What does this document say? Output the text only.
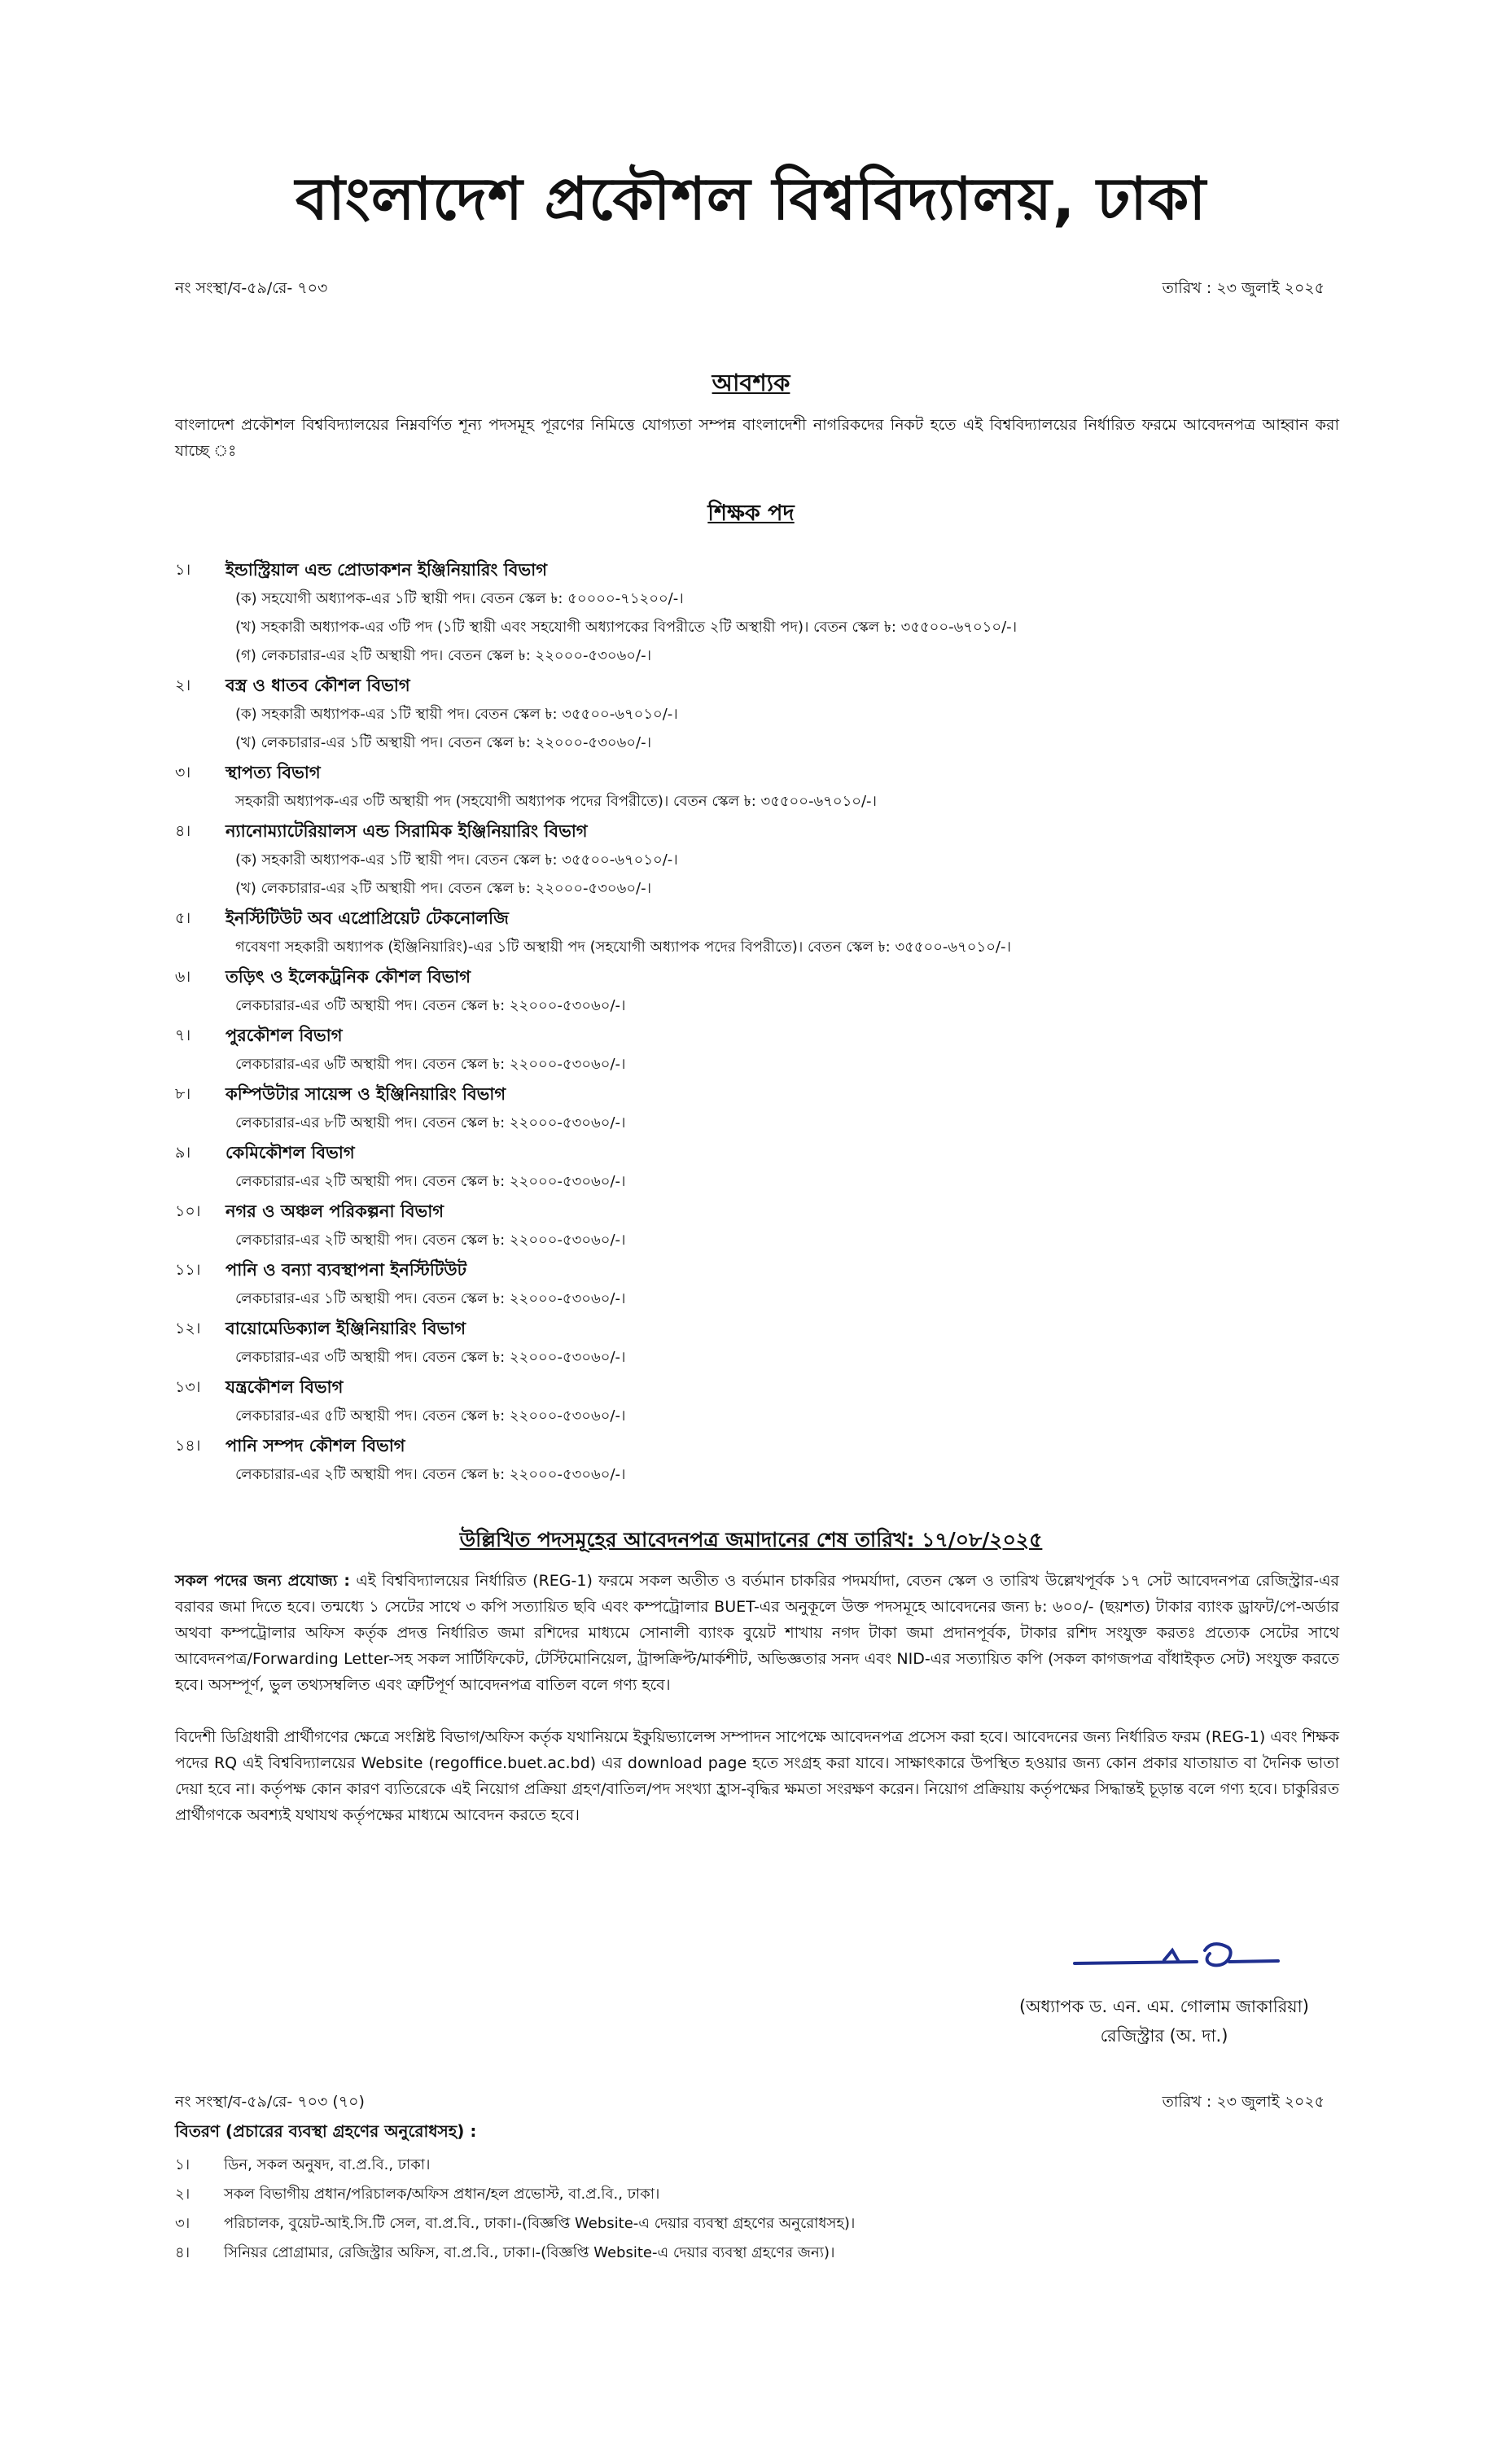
বাংলাদেশ প্রকৌশল বিশ্ববিদ্যালয়, ঢাকা
নং সংস্থা/ব-৫৯/রে- ৭০৩	তারিখ : ২৩ জুলাই ২০২৫
আবশ্যক
বাংলাদেশ প্রকৌশল বিশ্ববিদ্যালয়ের নিম্নবর্ণিত শূন্য পদসমূহ পূরণের নিমিত্তে যোগ্যতা সম্পন্ন বাংলাদেশী নাগরিকদের নিকট হতে এই বিশ্ববিদ্যালয়ের নির্ধারিত ফরমে আবেদনপত্র আহ্বান করা যাচ্ছে ঃ
শিক্ষক পদ
১।	ইন্ডাস্ট্রিয়াল এন্ড প্রোডাকশন ইঞ্জিনিয়ারিং বিভাগ
(ক) সহযোগী অধ্যাপক-এর ১টি স্থায়ী পদ। বেতন স্কেল ৳: ৫০০০০-৭১২০০/-।
(খ) সহকারী অধ্যাপক-এর ৩টি পদ (১টি স্থায়ী এবং সহযোগী অধ্যাপকের বিপরীতে ২টি অস্থায়ী পদ)। বেতন স্কেল ৳: ৩৫৫০০-৬৭০১০/-।
(গ) লেকচারার-এর ২টি অস্থায়ী পদ। বেতন স্কেল ৳: ২২০০০-৫৩০৬০/-।
২।	বস্ত্র ও ধাতব কৌশল বিভাগ
(ক) সহকারী অধ্যাপক-এর ১টি স্থায়ী পদ। বেতন স্কেল ৳: ৩৫৫০০-৬৭০১০/-।
(খ) লেকচারার-এর ১টি অস্থায়ী পদ। বেতন স্কেল ৳: ২২০০০-৫৩০৬০/-।
৩।	স্থাপত্য বিভাগ
সহকারী অধ্যাপক-এর ৩টি অস্থায়ী পদ (সহযোগী অধ্যাপক পদের বিপরীতে)। বেতন স্কেল ৳: ৩৫৫০০-৬৭০১০/-।
৪।	ন্যানোম্যাটেরিয়ালস এন্ড সিরামিক ইঞ্জিনিয়ারিং বিভাগ
(ক) সহকারী অধ্যাপক-এর ১টি স্থায়ী পদ। বেতন স্কেল ৳: ৩৫৫০০-৬৭০১০/-।
(খ) লেকচারার-এর ২টি অস্থায়ী পদ। বেতন স্কেল ৳: ২২০০০-৫৩০৬০/-।
৫।	ইনস্টিটিউট অব এপ্রোপ্রিয়েট টেকনোলজি
গবেষণা সহকারী অধ্যাপক (ইঞ্জিনিয়ারিং)-এর ১টি অস্থায়ী পদ (সহযোগী অধ্যাপক পদের বিপরীতে)। বেতন স্কেল ৳: ৩৫৫০০-৬৭০১০/-।
৬।	তড়িৎ ও ইলেকট্রনিক কৌশল বিভাগ
লেকচারার-এর ৩টি অস্থায়ী পদ। বেতন স্কেল ৳: ২২০০০-৫৩০৬০/-।
৭।	পুরকৌশল বিভাগ
লেকচারার-এর ৬টি অস্থায়ী পদ। বেতন স্কেল ৳: ২২০০০-৫৩০৬০/-।
৮।	কম্পিউটার সায়েন্স ও ইঞ্জিনিয়ারিং বিভাগ
লেকচারার-এর ৮টি অস্থায়ী পদ। বেতন স্কেল ৳: ২২০০০-৫৩০৬০/-।
৯।	কেমিকৌশল বিভাগ
লেকচারার-এর ২টি অস্থায়ী পদ। বেতন স্কেল ৳: ২২০০০-৫৩০৬০/-।
১০।	নগর ও অঞ্চল পরিকল্পনা বিভাগ
লেকচারার-এর ২টি অস্থায়ী পদ। বেতন স্কেল ৳: ২২০০০-৫৩০৬০/-।
১১।	পানি ও বন্যা ব্যবস্থাপনা ইনস্টিটিউট
লেকচারার-এর ১টি অস্থায়ী পদ। বেতন স্কেল ৳: ২২০০০-৫৩০৬০/-।
১২।	বায়োমেডিক্যাল ইঞ্জিনিয়ারিং বিভাগ
লেকচারার-এর ৩টি অস্থায়ী পদ। বেতন স্কেল ৳: ২২০০০-৫৩০৬০/-।
১৩।	যন্ত্রকৌশল বিভাগ
লেকচারার-এর ৫টি অস্থায়ী পদ। বেতন স্কেল ৳: ২২০০০-৫৩০৬০/-।
১৪।	পানি সম্পদ কৌশল বিভাগ
লেকচারার-এর ২টি অস্থায়ী পদ। বেতন স্কেল ৳: ২২০০০-৫৩০৬০/-।
উল্লিখিত পদসমূহের আবেদনপত্র জমাদানের শেষ তারিখ: ১৭/০৮/২০২৫
সকল পদের জন্য প্রযোজ্য : এই বিশ্ববিদ্যালয়ের নির্ধারিত (REG-1) ফরমে সকল অতীত ও বর্তমান চাকরির পদমর্যাদা, বেতন স্কেল ও তারিখ উল্লেখপূর্বক ১৭ সেট আবেদনপত্র রেজিস্ট্রার-এর বরাবর জমা দিতে হবে। তন্মধ্যে ১ সেটের সাথে ৩ কপি সত্যায়িত ছবি এবং কম্পট্রোলার BUET-এর অনুকূলে উক্ত পদসমূহে আবেদনের জন্য ৳: ৬০০/- (ছয়শত) টাকার ব্যাংক ড্রাফট/পে-অর্ডার অথবা কম্পট্রোলার অফিস কর্তৃক প্রদত্ত নির্ধারিত জমা রশিদের মাধ্যমে সোনালী ব্যাংক বুয়েট শাখায় নগদ টাকা জমা প্রদানপূর্বক, টাকার রশিদ সংযুক্ত করতঃ প্রত্যেক সেটের সাথে আবেদনপত্র/Forwarding Letter-সহ সকল সার্টিফিকেট, টেস্টিমোনিয়েল, ট্রান্সক্রিপ্ট/মার্কশীট, অভিজ্ঞতার সনদ এবং NID-এর সত্যায়িত কপি (সকল কাগজপত্র বাঁধাইকৃত সেট) সংযুক্ত করতে হবে। অসম্পূর্ণ, ভুল তথ্যসম্বলিত এবং ত্রুটিপূর্ণ আবেদনপত্র বাতিল বলে গণ্য হবে।
বিদেশী ডিগ্রিধারী প্রার্থীগণের ক্ষেত্রে সংশ্লিষ্ট বিভাগ/অফিস কর্তৃক যথানিয়মে ইকুয়িভ্যালেন্স সম্পাদন সাপেক্ষে আবেদনপত্র প্রসেস করা হবে। আবেদনের জন্য নির্ধারিত ফরম (REG-1) এবং শিক্ষক পদের RQ এই বিশ্ববিদ্যালয়ের Website (regoffice.buet.ac.bd) এর download page হতে সংগ্রহ করা যাবে। সাক্ষাৎকারে উপস্থিত হওয়ার জন্য কোন প্রকার যাতায়াত বা দৈনিক ভাতা দেয়া হবে না। কর্তৃপক্ষ কোন কারণ ব্যতিরেকে এই নিয়োগ প্রক্রিয়া গ্রহণ/বাতিল/পদ সংখ্যা হ্রাস-বৃদ্ধির ক্ষমতা সংরক্ষণ করেন। নিয়োগ প্রক্রিয়ায় কর্তৃপক্ষের সিদ্ধান্তই চূড়ান্ত বলে গণ্য হবে। চাকুরিরত প্রার্থীগণকে অবশ্যই যথাযথ কর্তৃপক্ষের মাধ্যমে আবেদন করতে হবে।
(অধ্যাপক ড. এন. এম. গোলাম জাকারিয়া)
রেজিস্ট্রার (অ. দা.)
নং সংস্থা/ব-৫৯/রে- ৭০৩ (৭০)	তারিখ : ২৩ জুলাই ২০২৫
বিতরণ (প্রচারের ব্যবস্থা গ্রহণের অনুরোধসহ) :
১।	ডিন, সকল অনুষদ, বা.প্র.বি., ঢাকা।
২।	সকল বিভাগীয় প্রধান/পরিচালক/অফিস প্রধান/হল প্রভোস্ট, বা.প্র.বি., ঢাকা।
৩।	পরিচালক, বুয়েট-আই.সি.টি সেল, বা.প্র.বি., ঢাকা।-(বিজ্ঞপ্তি Website-এ দেয়ার ব্যবস্থা গ্রহণের অনুরোধসহ)।
৪।	সিনিয়র প্রোগ্রামার, রেজিস্ট্রার অফিস, বা.প্র.বি., ঢাকা।-(বিজ্ঞপ্তি Website-এ দেয়ার ব্যবস্থা গ্রহণের জন্য)।
